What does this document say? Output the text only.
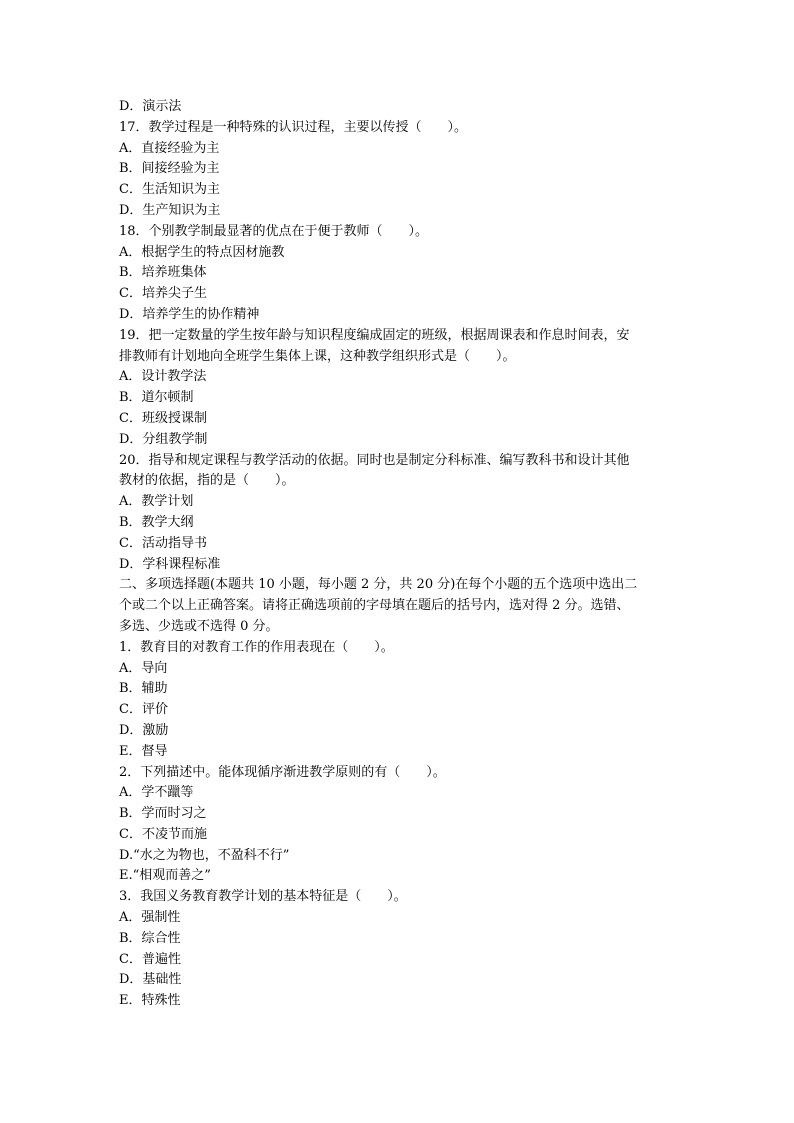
D．演示法
17．教学过程是一种特殊的认识过程，主要以传授（　　）。
A．直接经验为主
B．间接经验为主
C．生活知识为主
D．生产知识为主
18．个别教学制最显著的优点在于便于教师（　　）。
A．根据学生的特点因材施教
B．培养班集体
C．培养尖子生
D．培养学生的协作精神
19．把一定数量的学生按年龄与知识程度编成固定的班级，根据周课表和作息时间表，安
排教师有计划地向全班学生集体上课，这种教学组织形式是（　　）。
A．设计教学法
B．道尔顿制
C．班级授课制
D．分组教学制
20．指导和规定课程与教学活动的依据。同时也是制定分科标准、编写教科书和设计其他
教材的依据，指的是（　　）。
A．教学计划
B．教学大纲
C．活动指导书
D．学科课程标准
二、多项选择题(本题共 10 小题，每小题 2 分，共 20 分)在每个小题的五个选项中选出二
个或二个以上正确答案。请将正确选项前的字母填在题后的括号内，选对得 2 分。选错、
多选、少选或不选得 0 分。
1．教育目的对教育工作的作用表现在（　　）。
A．导向
B．辅助
C．评价
D．激励
E．督导
2．下列描述中。能体现循序渐进教学原则的有（　　）。
A．学不躐等
B．学而时习之
C．不凌节而施
D.“水之为物也，不盈科不行”
E.“相观而善之”
3．我国义务教育教学计划的基本特征是（　　）。
A．强制性
B．综合性
C．普遍性
D．基础性
E．特殊性
